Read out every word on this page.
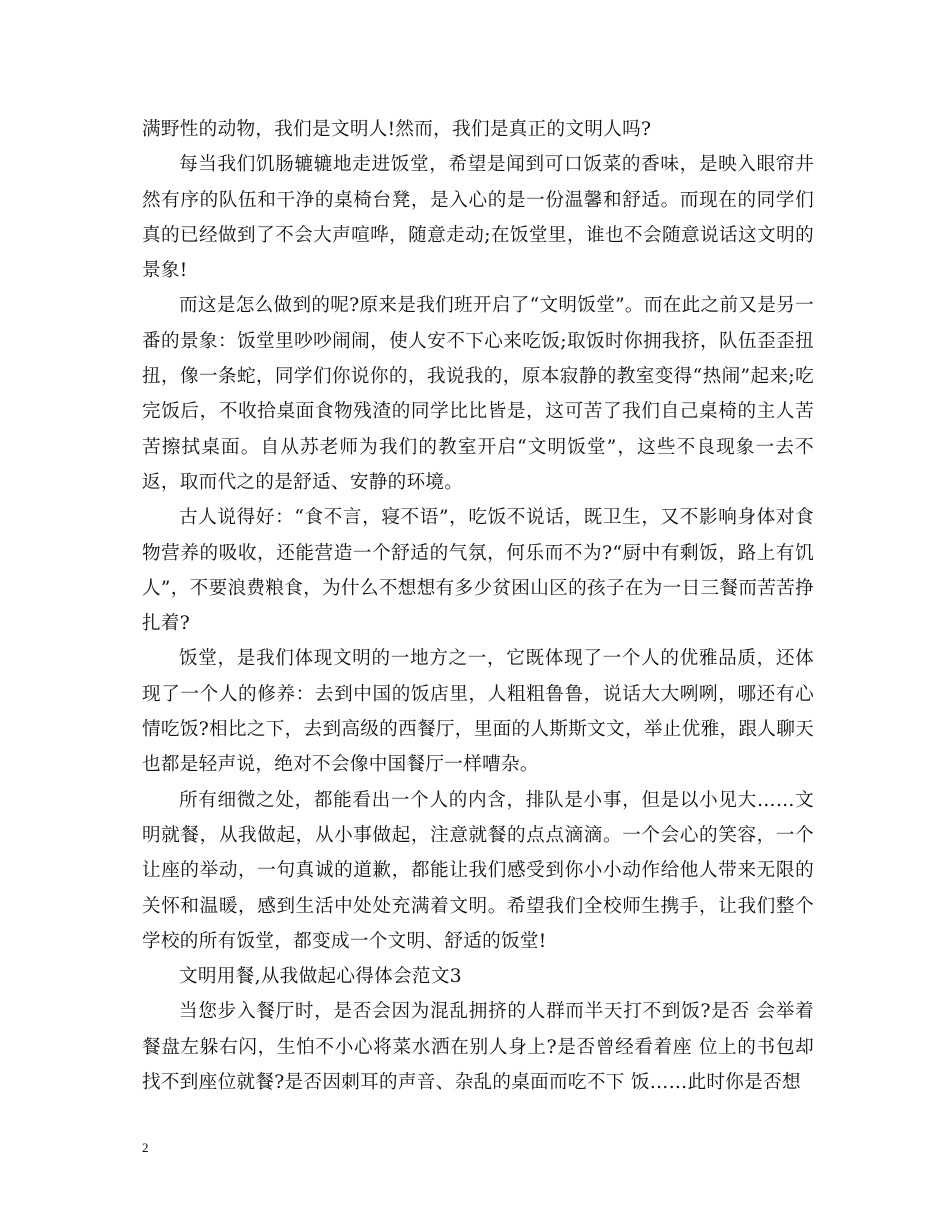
满野性的动物，我们是文明人!然而，我们是真正的文明人吗?

每当我们饥肠辘辘地走进饭堂，希望是闻到可口饭菜的香味，是映入眼帘井然有序的队伍和干净的桌椅台凳，是入心的是一份温馨和舒适。而现在的同学们真的已经做到了不会大声喧哗，随意走动;在饭堂里，谁也不会随意说话这文明的景象!

而这是怎么做到的呢?原来是我们班开启了“文明饭堂”。而在此之前又是另一番的景象：饭堂里吵吵闹闹，使人安不下心来吃饭;取饭时你拥我挤，队伍歪歪扭扭，像一条蛇，同学们你说你的，我说我的，原本寂静的教室变得“热闹”起来;吃完饭后，不收拾桌面食物残渣的同学比比皆是，这可苦了我们自己桌椅的主人苦苦擦拭桌面。自从苏老师为我们的教室开启“文明饭堂”，这些不良现象一去不返，取而代之的是舒适、安静的环境。

古人说得好：“食不言，寝不语”，吃饭不说话，既卫生，又不影响身体对食物营养的吸收，还能营造一个舒适的气氛，何乐而不为?“厨中有剩饭，路上有饥人”，不要浪费粮食，为什么不想想有多少贫困山区的孩子在为一日三餐而苦苦挣扎着?

饭堂，是我们体现文明的一地方之一，它既体现了一个人的优雅品质，还体现了一个人的修养：去到中国的饭店里，人粗粗鲁鲁，说话大大咧咧，哪还有心情吃饭?相比之下，去到高级的西餐厅，里面的人斯斯文文，举止优雅，跟人聊天也都是轻声说，绝对不会像中国餐厅一样嘈杂。

所有细微之处，都能看出一个人的内含，排队是小事，但是以小见大……文明就餐，从我做起，从小事做起，注意就餐的点点滴滴。一个会心的笑容，一个让座的举动，一句真诚的道歉，都能让我们感受到你小小动作给他人带来无限的关怀和温暖，感到生活中处处充满着文明。希望我们全校师生携手，让我们整个学校的所有饭堂，都变成一个文明、舒适的饭堂!

文明用餐,从我做起心得体会范文3

当您步入餐厅时，是否会因为混乱拥挤的人群而半天打不到饭?是否 会举着餐盘左躲右闪，生怕不小心将菜水洒在别人身上?是否曾经看着座 位上的书包却找不到座位就餐?是否因刺耳的声音、杂乱的桌面而吃不下 饭……此时你是否想

2
